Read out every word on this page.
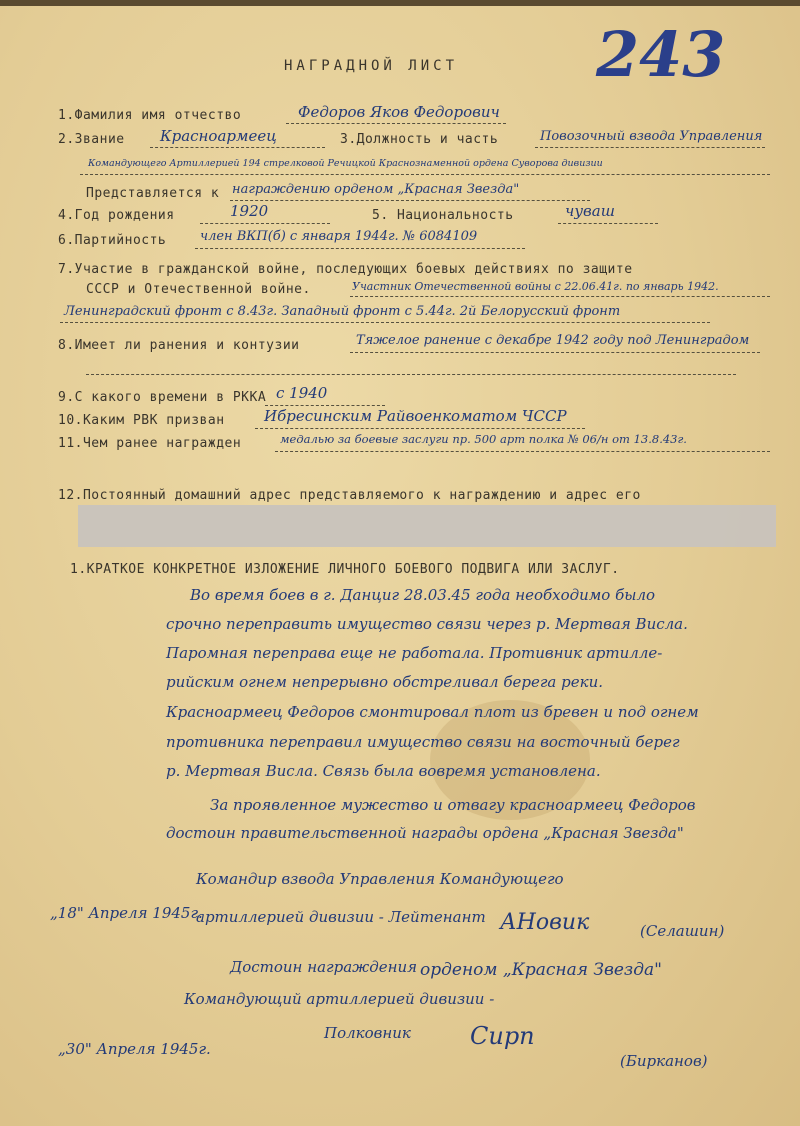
243
НАГРАДНОЙ ЛИСТ
1.Фамилия имя отчество	Федоров Яков Федорович
2.Звание Красноармеец	3.Должность и часть	Повозочный взвода Управления
Командующего Артиллерией 194 стрелковой Речицкой Краснознаменной ордена Суворова дивизии
Представляется к награждению орденом „Красная Звезда"
4.Год рождения	1920	5. Национальность	чуваш
6.Партийность	член ВКП(б) с января 1944г. № 6084109
7.Участие в гражданской войне, последующих боевых действиях по защите
СССР и Отечественной войне.	Участник Отечественной войны с 22.06.41г. по январь 1942.
Ленинградский фронт с 8.43г. Западный фронт с 5.44г. 2й Белорусский фронт
8.Имеет ли ранения и контузии	Тяжелое ранение с декабре 1942 году под Ленинградом
9.С какого времени в РККА с 1940
10.Каким РВК призван	Ибресинским Райвоенкоматом ЧССР
11.Чем ранее награжден	медалью за боевые заслуги пр. 500 арт полка № 06/н от 13.8.43г.
12.Постоянный домашний адрес представляемого к награждению и адрес его
1.КРАТКОЕ КОНКРЕТНОЕ ИЗЛОЖЕНИЕ ЛИЧНОГО БОЕВОГО ПОДВИГА ИЛИ ЗАСЛУГ.
Во время боев в г. Данциг 28.03.45 года необходимо было
срочно переправить имущество связи через р. Мертвая Висла.
Паромная переправа еще не работала. Противник артилле-
рийским огнем непрерывно обстреливал берега реки.
Красноармеец Федоров смонтировал плот из бревен и под огнем
противника переправил имущество связи на восточный берег
р. Мертвая Висла. Связь была вовремя установлена.
За проявленное мужество и отвагу красноармеец Федоров
достоин правительственной награды ордена „Красная Звезда"
Командир взвода Управления Командующего
„18" Апреля 1945г.
артиллерией дивизии - Лейтенант АНовик	(Селашин)
Достоин награждения орденом „Красная Звезда"
Командующий артиллерией дивизии -
„30" Апреля 1945г.
Полковник Сирп
(Бирканов)
